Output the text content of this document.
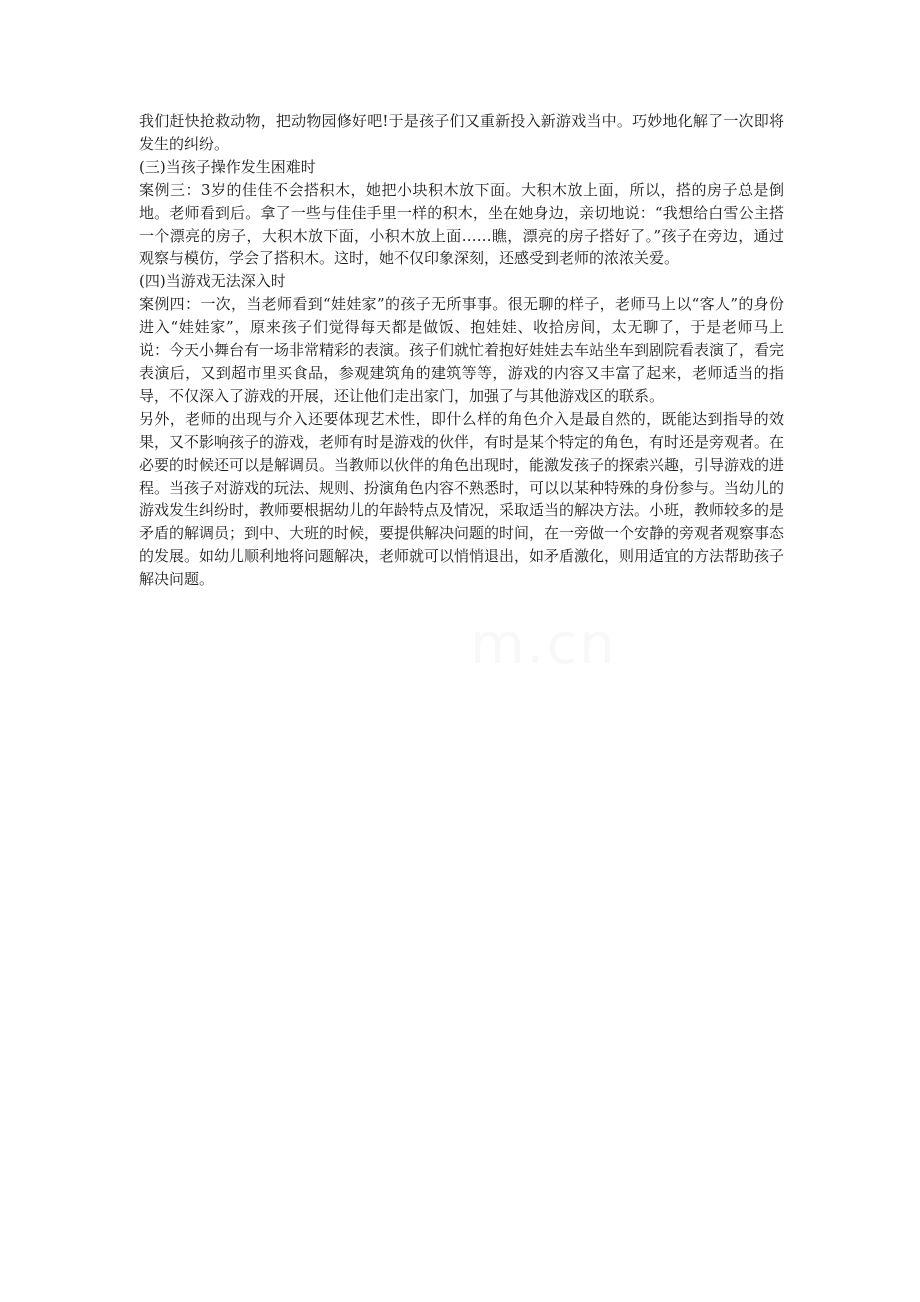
我们赶快抢救动物，把动物园修好吧!于是孩子们又重新投入新游戏当中。巧妙地化解了一次即将发生的纠纷。

(三)当孩子操作发生困难时

案例三：3岁的佳佳不会搭积木，她把小块积木放下面。大积木放上面，所以，搭的房子总是倒地。老师看到后。拿了一些与佳佳手里一样的积木，坐在她身边，亲切地说：“我想给白雪公主搭一个漂亮的房子，大积木放下面，小积木放上面……瞧，漂亮的房子搭好了。”孩子在旁边，通过观察与模仿，学会了搭积木。这时，她不仅印象深刻，还感受到老师的浓浓关爱。

(四)当游戏无法深入时

案例四：一次，当老师看到“娃娃家”的孩子无所事事。很无聊的样子，老师马上以“客人”的身份进入“娃娃家”，原来孩子们觉得每天都是做饭、抱娃娃、收拾房间，太无聊了，于是老师马上说：今天小舞台有一场非常精彩的表演。孩子们就忙着抱好娃娃去车站坐车到剧院看表演了，看完表演后，又到超市里买食品，参观建筑角的建筑等等，游戏的内容又丰富了起来，老师适当的指导，不仅深入了游戏的开展，还让他们走出家门，加强了与其他游戏区的联系。

另外，老师的出现与介入还要体现艺术性，即什么样的角色介入是最自然的，既能达到指导的效果，又不影响孩子的游戏，老师有时是游戏的伙伴，有时是某个特定的角色，有时还是旁观者。在必要的时候还可以是解调员。当教师以伙伴的角色出现时，能激发孩子的探索兴趣，引导游戏的进程。当孩子对游戏的玩法、规则、扮演角色内容不熟悉时，可以以某种特殊的身份参与。当幼儿的游戏发生纠纷时，教师要根据幼儿的年龄特点及情况，采取适当的解决方法。小班，教师较多的是矛盾的解调员；到中、大班的时候，要提供解决问题的时间，在一旁做一个安静的旁观者观察事态的发展。如幼儿顺利地将问题解决，老师就可以悄悄退出，如矛盾激化，则用适宜的方法帮助孩子解决问题。

m.cn
